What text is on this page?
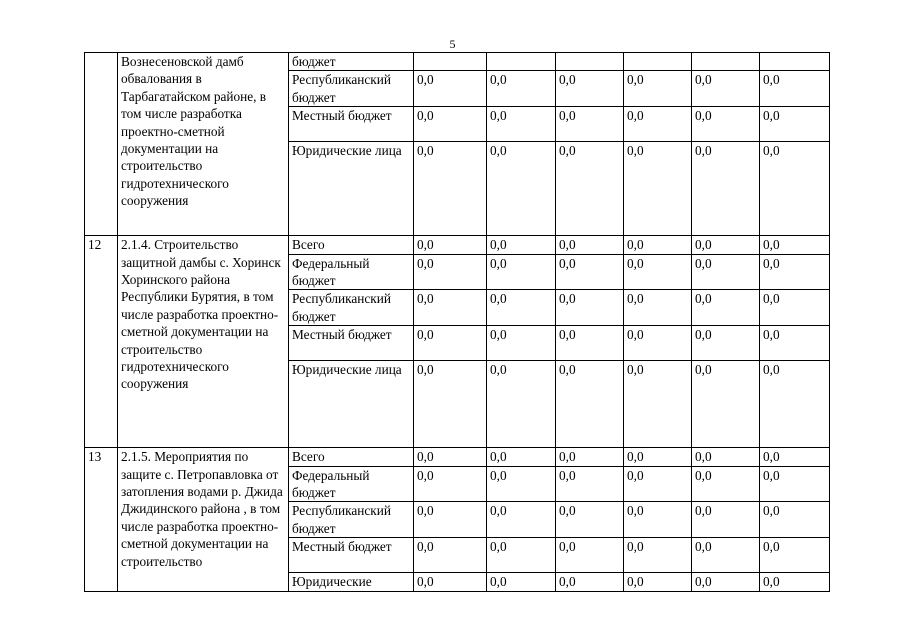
5
	Вознесеновской дамб обвалования в Тарбагатайском районе, в том числе разработка проектно-сметной документации на строительство гидротехнического сооружения	бюджет						
		Республиканский бюджет	0,0	0,0	0,0	0,0	0,0	0,0
		Местный бюджет	0,0	0,0	0,0	0,0	0,0	0,0
		Юридические лица	0,0	0,0	0,0	0,0	0,0	0,0
12	2.1.4. Строительство защитной дамбы с. Хоринск Хоринского района Республики Бурятия, в том числе разработка проектно-сметной документации на строительство гидротехнического сооружения	Всего	0,0	0,0	0,0	0,0	0,0	0,0
		Федеральный бюджет	0,0	0,0	0,0	0,0	0,0	0,0
		Республиканский бюджет	0,0	0,0	0,0	0,0	0,0	0,0
		Местный бюджет	0,0	0,0	0,0	0,0	0,0	0,0
		Юридические лица	0,0	0,0	0,0	0,0	0,0	0,0
13	2.1.5. Мероприятия по защите с. Петропавловка от затопления водами р. Джида Джидинского района , в том числе разработка проектно-сметной документации на строительство	Всего	0,0	0,0	0,0	0,0	0,0	0,0
		Федеральный бюджет	0,0	0,0	0,0	0,0	0,0	0,0
		Республиканский бюджет	0,0	0,0	0,0	0,0	0,0	0,0
		Местный бюджет	0,0	0,0	0,0	0,0	0,0	0,0
		Юридические	0,0	0,0	0,0	0,0	0,0	0,0
